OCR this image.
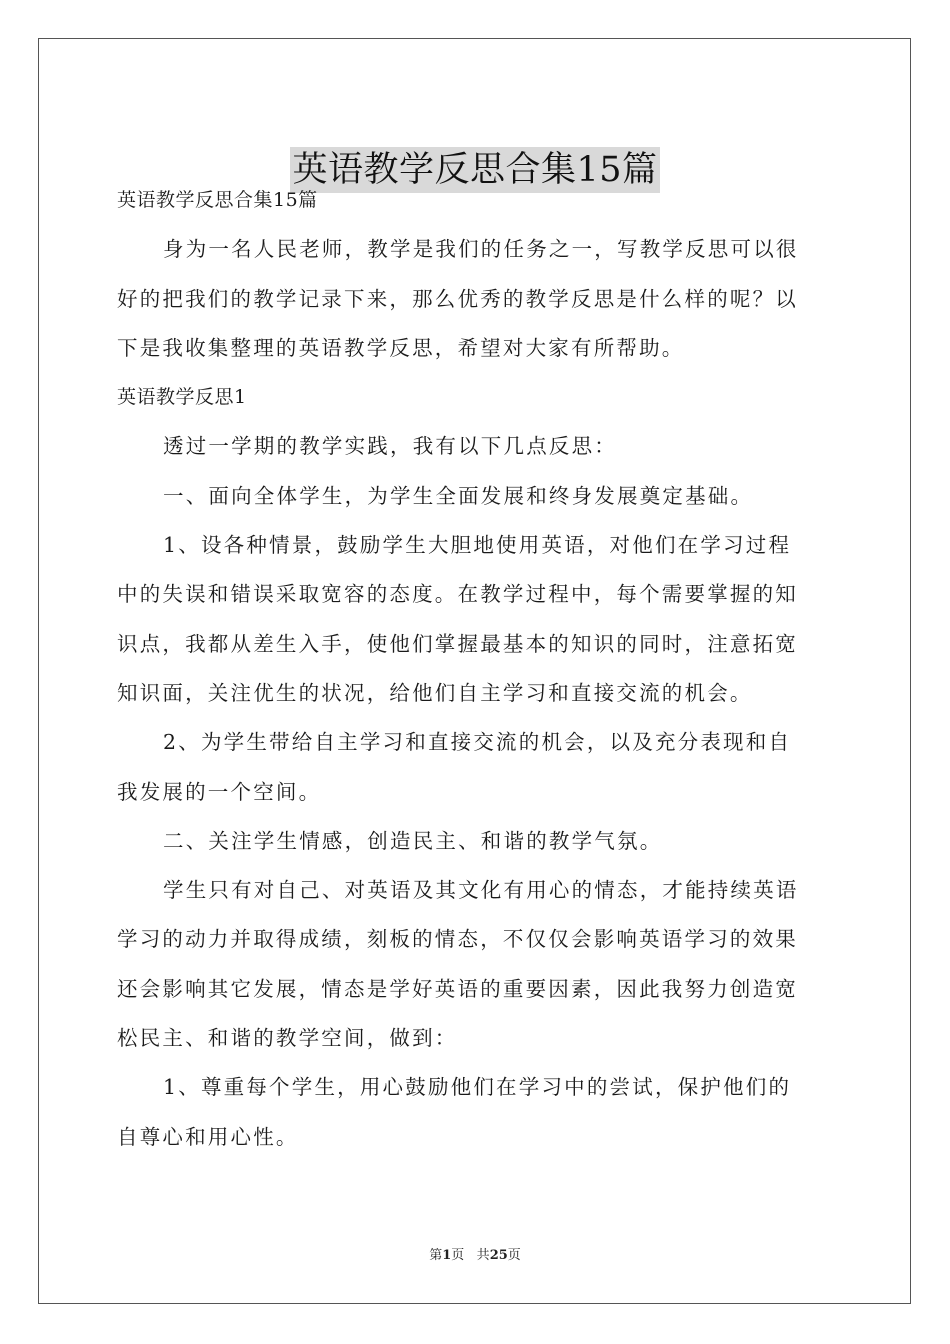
英语教学反思合集15篇
英语教学反思合集15篇
身为一名人民老师，教学是我们的任务之一，写教学反思可以很
好的把我们的教学记录下来，那么优秀的教学反思是什么样的呢？以
下是我收集整理的英语教学反思，希望对大家有所帮助。
英语教学反思1
透过一学期的教学实践，我有以下几点反思：
一、面向全体学生，为学生全面发展和终身发展奠定基础。
1、设各种情景，鼓励学生大胆地使用英语，对他们在学习过程
中的失误和错误采取宽容的态度。在教学过程中，每个需要掌握的知
识点，我都从差生入手，使他们掌握最基本的知识的同时，注意拓宽
知识面，关注优生的状况，给他们自主学习和直接交流的机会。
2、为学生带给自主学习和直接交流的机会，以及充分表现和自
我发展的一个空间。
二、关注学生情感，创造民主、和谐的教学气氛。
学生只有对自己、对英语及其文化有用心的情态，才能持续英语
学习的动力并取得成绩，刻板的情态，不仅仅会影响英语学习的效果
还会影响其它发展，情态是学好英语的重要因素，因此我努力创造宽
松民主、和谐的教学空间，做到：
1、尊重每个学生，用心鼓励他们在学习中的尝试，保护他们的
自尊心和用心性。
第1页 共25页
